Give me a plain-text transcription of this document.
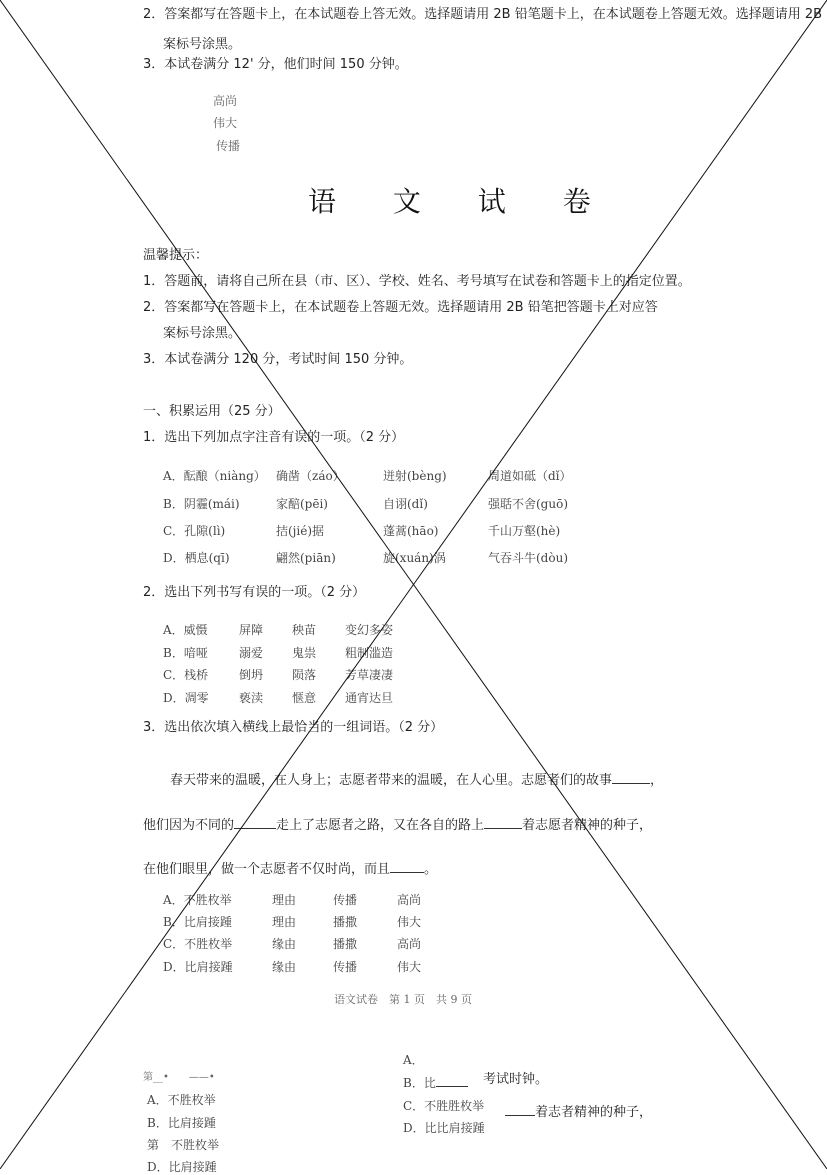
2．答案都写在答题卡上，在本试题卷上答无效。选择题请用 2B 铅笔题卡上，在本试题卷上答题无效。选择题请用 2B
案标号涂黑。
3．本试卷满分 12' 分，他们时间 150 分钟。
高尚
伟大
传播
语 文 试 卷
温馨提示：
1．答题前，请将自己所在县（市、区）、学校、姓名、考号填写在试卷和答题卡上的指定位置。
2．答案都写在答题卡上，在本试题卷上答题无效。选择题请用 2B 铅笔把答题卡上对应答
案标号涂黑。
3．本试卷满分 120 分，考试时间 150 分钟。
一、积累运用（25 分）
1．选出下列加点字注音有误的一项。（2 分）
A．酝酿（niàng） 确凿（záo）	迸射(bèng)	周道如砥（dǐ）
B．阴霾(mái)	家醅(pēi)	自诩(dǐ)	强聒不舍(guō)
C．孔隙(lì)	拮(jié)据	蓬蒿(hāo)	千山万壑(hè)
D．栖息(qī)	翩然(piān)	旋(xuán)涡	气吞斗牛(dòu)
2．选出下列书写有误的一项。（2 分）
A．威慑	屏障 秧苗 变幻多姿
B．喑哑	溺爱 鬼祟 粗制滥造
C．栈桥	倒坍 陨落 芳草凄凄
D．凋零	亵渎 惬意 通宵达旦
3．选出依次填入横线上最恰当的一组词语。（2 分）
春天带来的温暖，在人身上；志愿者带来的温暖，在人心里。志愿者们的故事	，
他们因为不同的	走上了志愿者之路，又在各自的路上	着志愿者精神的种子，
在他们眼里，做一个志愿者不仅时尚，而且	。
A．不胜枚举	理由	传播	高尚
B．比肩接踵	理由	播撒	伟大
C．不胜枚举	缘由	播撒	高尚
D．比肩接踵	缘由	传播	伟大
语文试卷　第 1 页　共 9 页
第__•　　——•
A．不胜枚举
B．比肩接踵
第　不胜枚举
D．比肩接踵
A．
B．比	考试时钟。
C．不胜胜枚举	着志者精神的种子，
D．比比肩接踵
